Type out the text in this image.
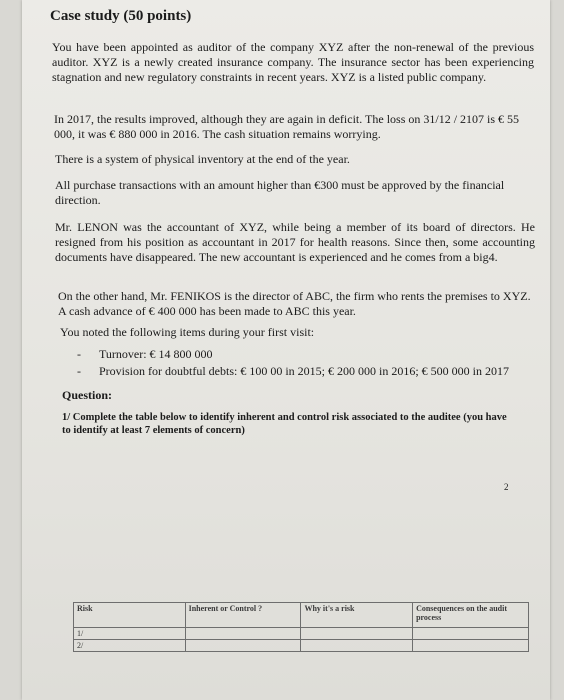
Case study (50 points)

You have been appointed as auditor of the company XYZ after the non-renewal of the previous auditor. XYZ is a newly created insurance company. The insurance sector has been experiencing stagnation and new regulatory constraints in recent years. XYZ is a listed public company.

In 2017, the results improved, although they are again in deficit. The loss on 31/12 / 2107 is € 55 000, it was € 880 000 in 2016. The cash situation remains worrying.

There is a system of physical inventory at the end of the year.

All purchase transactions with an amount higher than €300 must be approved by the financial direction.

Mr. LENON was the accountant of XYZ, while being a member of its board of directors. He resigned from his position as accountant in 2017 for health reasons. Since then, some accounting documents have disappeared. The new accountant is experienced and he comes from a big4.

On the other hand, Mr. FENIKOS is the director of ABC, the firm who rents the premises to XYZ. A cash advance of € 400 000 has been made to ABC this year.

You noted the following items during your first visit:

- Turnover: € 14 800 000

- Provision for doubtful debts: € 100 00 in 2015; € 200 000 in 2016; € 500 000 in 2017

Question:

1/ Complete the table below to identify inherent and control risk associated to the auditee (you have to identify at least 7 elements of concern)

2

Risk	Inherent or Control ?	Why it's a risk	Consequences on the audit process
1/			
2/			
